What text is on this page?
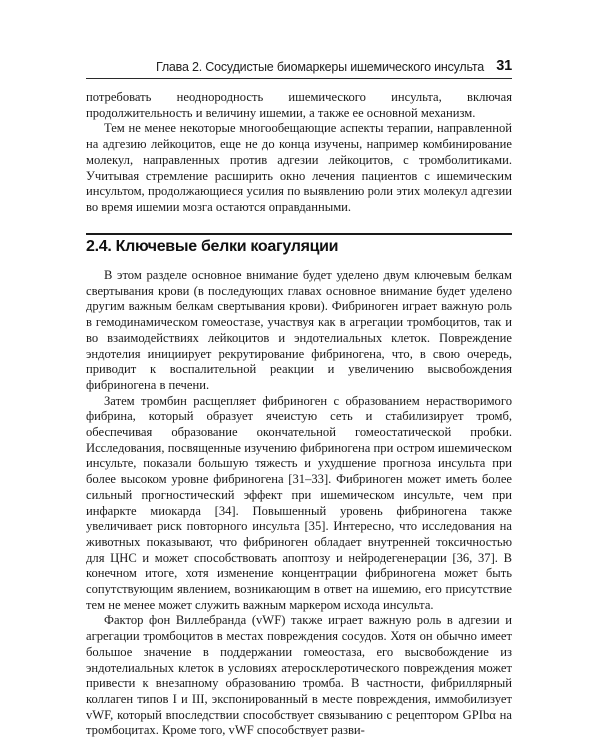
Глава 2. Сосудистые биомаркеры ишемического инсульта 31

потребовать неоднородность ишемического инсульта, включая продолжительность и величину ишемии, а также ее основной механизм.

Тем не менее некоторые многообещающие аспекты терапии, направленной на адгезию лейкоцитов, еще не до конца изучены, например комбинирование молекул, направленных против адгезии лейкоцитов, с тромболитиками. Учитывая стремление расширить окно лечения пациентов с ишемическим инсультом, продолжающиеся усилия по выявлению роли этих молекул адгезии во время ишемии мозга остаются оправданными.

2.4. Ключевые белки коагуляции

В этом разделе основное внимание будет уделено двум ключевым белкам свертывания крови (в последующих главах основное внимание будет уделено другим важным белкам свертывания крови). Фибриноген играет важную роль в гемодинамическом гомеостазе, участвуя как в агрегации тромбоцитов, так и во взаимодействиях лейкоцитов и эндотелиальных клеток. Повреждение эндотелия инициирует рекрутирование фибриногена, что, в свою очередь, приводит к воспалительной реакции и увеличению высвобождения фибриногена в печени.

Затем тромбин расщепляет фибриноген с образованием нерастворимого фибрина, который образует ячеистую сеть и стабилизирует тромб, обеспечивая образование окончательной гомеостатической пробки. Исследования, посвященные изучению фибриногена при остром ишемическом инсульте, показали большую тяжесть и ухудшение прогноза инсульта при более высоком уровне фибриногена [31–33]. Фибриноген может иметь более сильный прогностический эффект при ишемическом инсульте, чем при инфаркте миокарда [34]. Повышенный уровень фибриногена также увеличивает риск повторного инсульта [35]. Интересно, что исследования на животных показывают, что фибриноген обладает внутренней токсичностью для ЦНС и может способствовать апоптозу и нейродегенерации [36, 37]. В конечном итоге, хотя изменение концентрации фибриногена может быть сопутствующим явлением, возникающим в ответ на ишемию, его присутствие тем не менее может служить важным маркером исхода инсульта.

Фактор фон Виллебранда (vWF) также играет важную роль в адгезии и агрегации тромбоцитов в местах повреждения сосудов. Хотя он обычно имеет большое значение в поддержании гомеостаза, его высвобождение из эндотелиальных клеток в условиях атеросклеротического повреждения может привести к внезапному образованию тромба. В частности, фибриллярный коллаген типов I и III, экспонированный в месте повреждения, иммобилизует vWF, который впоследствии способствует связыванию с рецептором GPIbα на тромбоцитах. Кроме того, vWF способствует разви-
